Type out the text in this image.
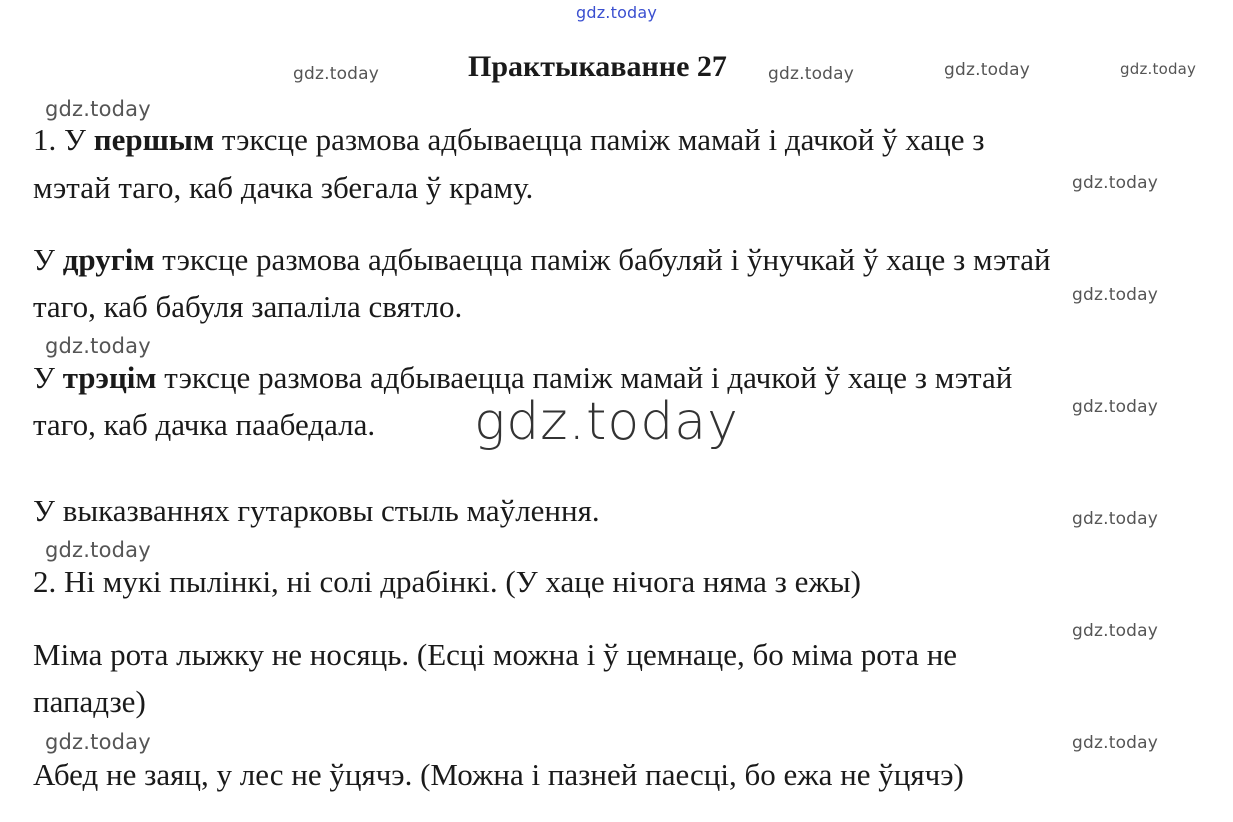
gdz.today
gdz.today	gdz.today	gdz.today	gdz.today
gdz.today
gdz.today
gdz.today
gdz.today
gdz.today
gdz.today
gdz.today
gdz.today
gdz.today
gdz.today	gdz.today
Практыкаванне 27
1. У першым тэксце размова адбываецца паміж мамай і дачкой ў хаце з
мэтай таго, каб дачка збегала ў краму.
У другім тэксце размова адбываецца паміж бабуляй і ўнучкай ў хаце з мэтай
таго, каб бабуля запаліла святло.
У трэцім тэксце размова адбываецца паміж мамай і дачкой ў хаце з мэтай
таго, каб дачка паабедала.
У выказваннях гутарковы стыль маўлення.
2. Ні мукі пылінкі, ні солі драбінкі. (У хаце нічога няма з ежы)
Міма рота лыжку не носяць. (Есці можна і ў цемнаце, бо міма рота не
пападзе)
Абед не заяц, у лес не ўцячэ. (Можна і пазней паесці, бо ежа не ўцячэ)
